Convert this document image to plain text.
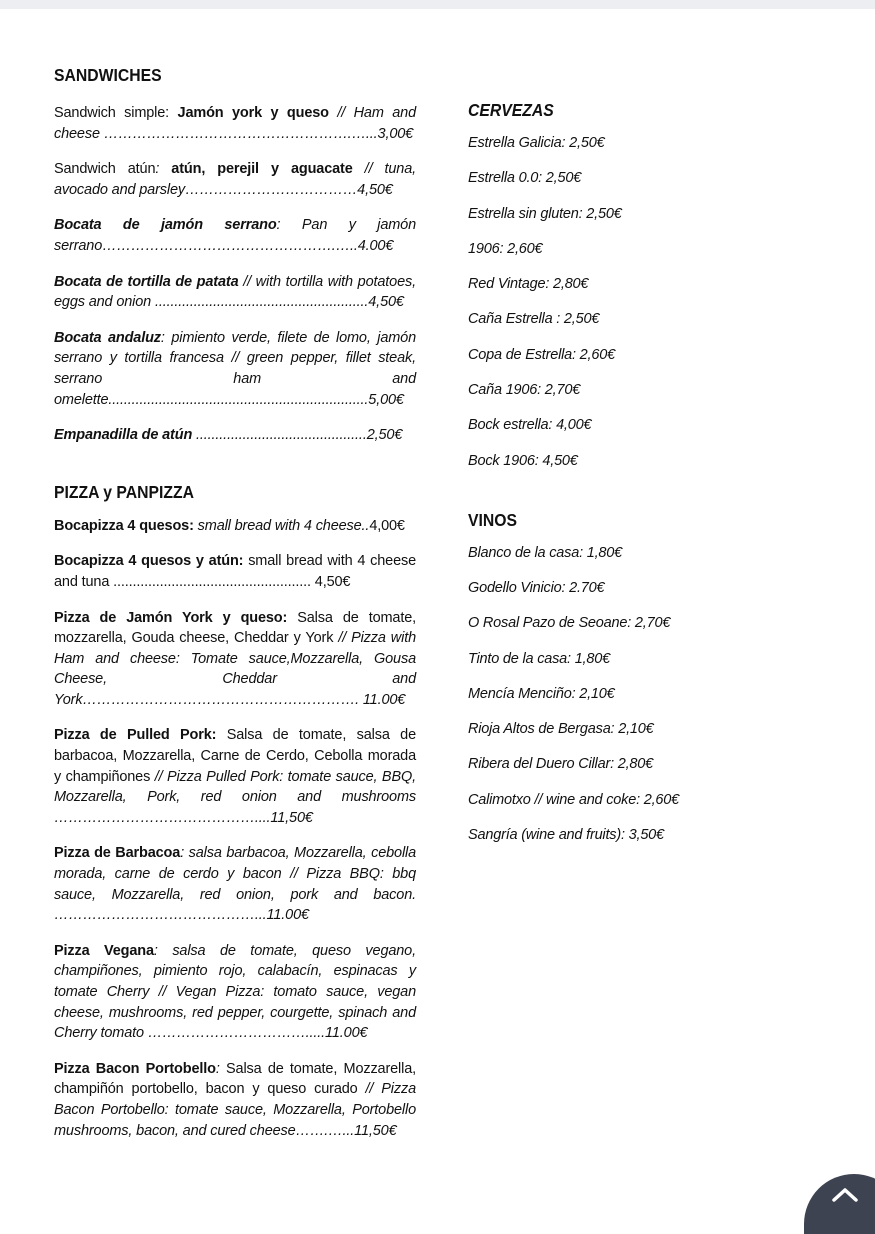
SANDWICHES
Sandwich simple: Jamón york y queso // Ham and cheese …………………………………………….…...3,00€
Sandwich atún: atún, perejil y aguacate // tuna, avocado and parsley………………………………4,50€
Bocata de jamón serrano: Pan y jamón serrano………………………………………….…..4.00€
Bocata de tortilla de patata // with tortilla with potatoes, eggs and onion .......................................................4,50€
Bocata andaluz: pimiento verde, filete de lomo, jamón serrano y tortilla francesa // green pepper, fillet steak, serrano ham and omelette...................................................................5,00€
Empanadilla de atún ............................................2,50€
PIZZA y PANPIZZA
Bocapizza 4 quesos: small bread with 4 cheese..4,00€
Bocapizza 4 quesos y atún: small bread with 4 cheese and tuna ................................................... 4,50€
Pizza de Jamón York y queso: Salsa de tomate, mozzarella, Gouda cheese, Cheddar y York // Pizza with Ham and cheese: Tomate sauce,Mozzarella, Gousa Cheese, Cheddar and York…………………………………………………. 11.00€
Pizza de Pulled Pork: Salsa de tomate, salsa de barbacoa, Mozzarella, Carne de Cerdo, Cebolla morada y champiñones // Pizza Pulled Pork: tomate sauce, BBQ, Mozzarella, Pork, red onion and mushrooms ……………………………………....11,50€
Pizza de Barbacoa: salsa barbacoa, Mozzarella, cebolla morada, carne de cerdo y bacon // Pizza BBQ: bbq sauce, Mozzarella, red onion, pork and bacon. ……………………………………...11.00€
Pizza Vegana: salsa de tomate, queso vegano, champiñones, pimiento rojo, calabacín, espinacas y tomate Cherry // Vegan Pizza: tomato sauce, vegan cheese, mushrooms, red pepper, courgette, spinach and Cherry tomato …………………………….....11.00€
Pizza Bacon Portobello: Salsa de tomate, Mozzarella, champiñón portobello, bacon y queso curado // Pizza Bacon Portobello: tomate sauce, Mozzarella, Portobello mushrooms, bacon, and cured cheese…….…...11,50€
CERVEZAS
Estrella Galicia: 2,50€
Estrella 0.0: 2,50€
Estrella sin gluten: 2,50€
1906: 2,60€
Red Vintage: 2,80€
Caña Estrella : 2,50€
Copa de Estrella: 2,60€
Caña 1906: 2,70€
Bock estrella: 4,00€
Bock 1906: 4,50€
VINOS
Blanco de la casa: 1,80€
Godello Vinicio: 2.70€
O Rosal Pazo de Seoane: 2,70€
Tinto de la casa: 1,80€
Mencía Menciño: 2,10€
Rioja Altos de Bergasa: 2,10€
Ribera del Duero Cillar: 2,80€
Calimotxo // wine and coke: 2,60€
Sangría (wine and fruits): 3,50€
